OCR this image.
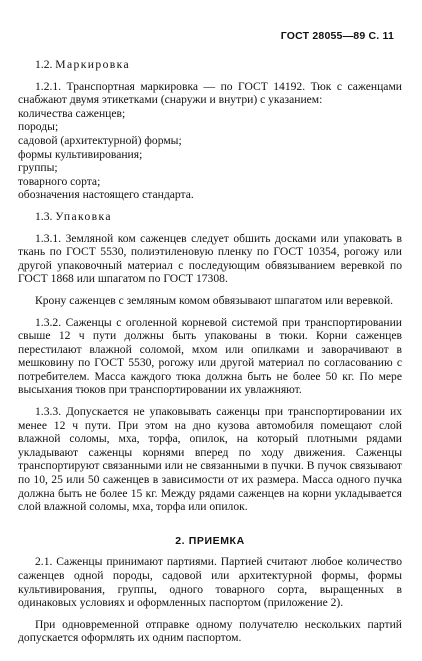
ГОСТ 28055—89 С. 11

1.2. Маркировка

1.2.1. Транспортная маркировка — по ГОСТ 14192. Тюк с саженцами снабжают двумя этикетками (снаружи и внутри) с указанием:

количества саженцев;

породы;

садовой (архитектурной) формы;

формы культивирования;

группы;

товарного сорта;

обозначения настоящего стандарта.

1.3. Упаковка

1.3.1. Земляной ком саженцев следует обшить досками или упаковать в ткань по ГОСТ 5530, полиэтиленовую пленку по ГОСТ 10354, рогожу или другой упаковочный материал с последующим обвязыванием веревкой по ГОСТ 1868 или шпагатом по ГОСТ 17308.

Крону саженцев с земляным комом обвязывают шпагатом или веревкой.

1.3.2. Саженцы с оголенной корневой системой при транспортировании свыше 12 ч пути должны быть упакованы в тюки. Корни саженцев перестилают влажной соломой, мхом или опилками и заворачивают в мешковину по ГОСТ 5530, рогожу или другой материал по согласованию с потребителем. Масса каждого тюка должна быть не более 50 кг. По мере высыхания тюков при транспортировании их увлажняют.

1.3.3. Допускается не упаковывать саженцы при транспортировании их менее 12 ч пути. При этом на дно кузова автомобиля помещают слой влажной соломы, мха, торфа, опилок, на который плотными рядами укладывают саженцы корнями вперед по ходу движения. Саженцы транспортируют связанными или не связанными в пучки. В пучок связывают по 10, 25 или 50 саженцев в зависимости от их размера. Масса одного пучка должна быть не более 15 кг. Между рядами саженцев на корни укладывается слой влажной соломы, мха, торфа или опилок.

2. ПРИЕМКА

2.1. Саженцы принимают партиями. Партией считают любое количество саженцев одной породы, садовой или архитектурной формы, формы культивирования, группы, одного товарного сорта, выращенных в одинаковых условиях и оформленных паспортом (приложение 2).

При одновременной отправке одному получателю нескольких партий допускается оформлять их одним паспортом.
